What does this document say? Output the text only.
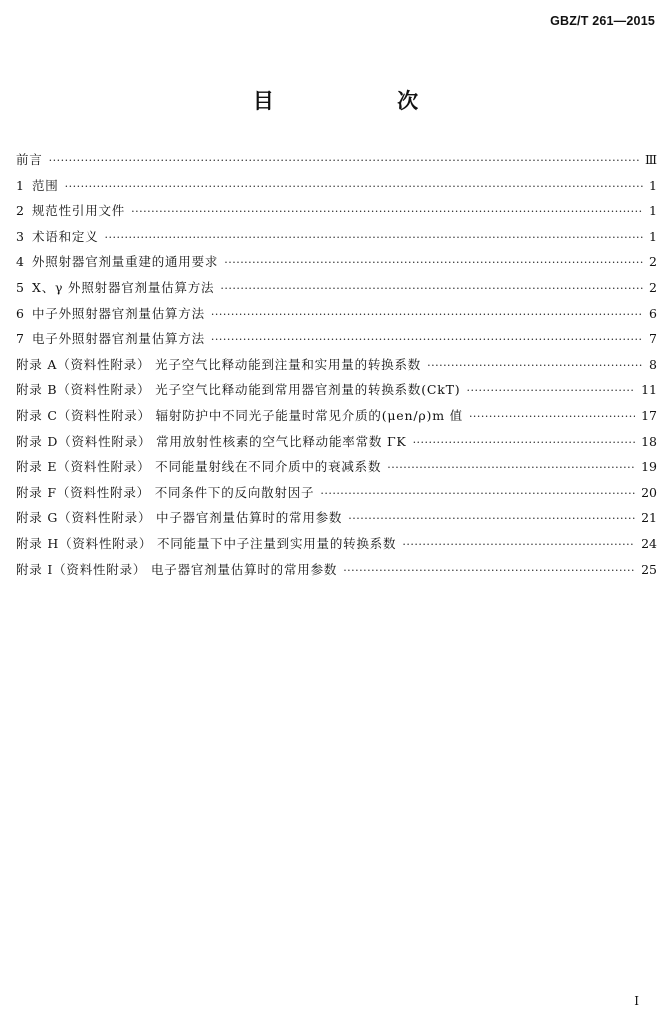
GBZ/T 261—2015
目 次
前言 ·····	Ⅲ
1 范围 ·····	1
2 规范性引用文件 ·····	1
3 术语和定义 ·····	1
4 外照射器官剂量重建的通用要求 ·····	2
5 X、γ 外照射器官剂量估算方法 ·····	2
6 中子外照射器官剂量估算方法 ·····	6
7 电子外照射器官剂量估算方法 ·····	7
附录 A（资料性附录） 光子空气比释动能到注量和实用量的转换系数 ·····	8
附录 B（资料性附录） 光子空气比释动能到常用器官剂量的转换系数(CkT) ·····	11
附录 C（资料性附录） 辐射防护中不同光子能量时常见介质的(μen/ρ)m 值 ·····	17
附录 D（资料性附录） 常用放射性核素的空气比释动能率常数 ΓK ·····	18
附录 E（资料性附录） 不同能量射线在不同介质中的衰减系数 ·····	19
附录 F（资料性附录） 不同条件下的反向散射因子 ·····	20
附录 G（资料性附录） 中子器官剂量估算时的常用参数 ·····	21
附录 H（资料性附录） 不同能量下中子注量到实用量的转换系数 ·····	24
附录 I（资料性附录） 电子器官剂量估算时的常用参数 ·····	25
I
